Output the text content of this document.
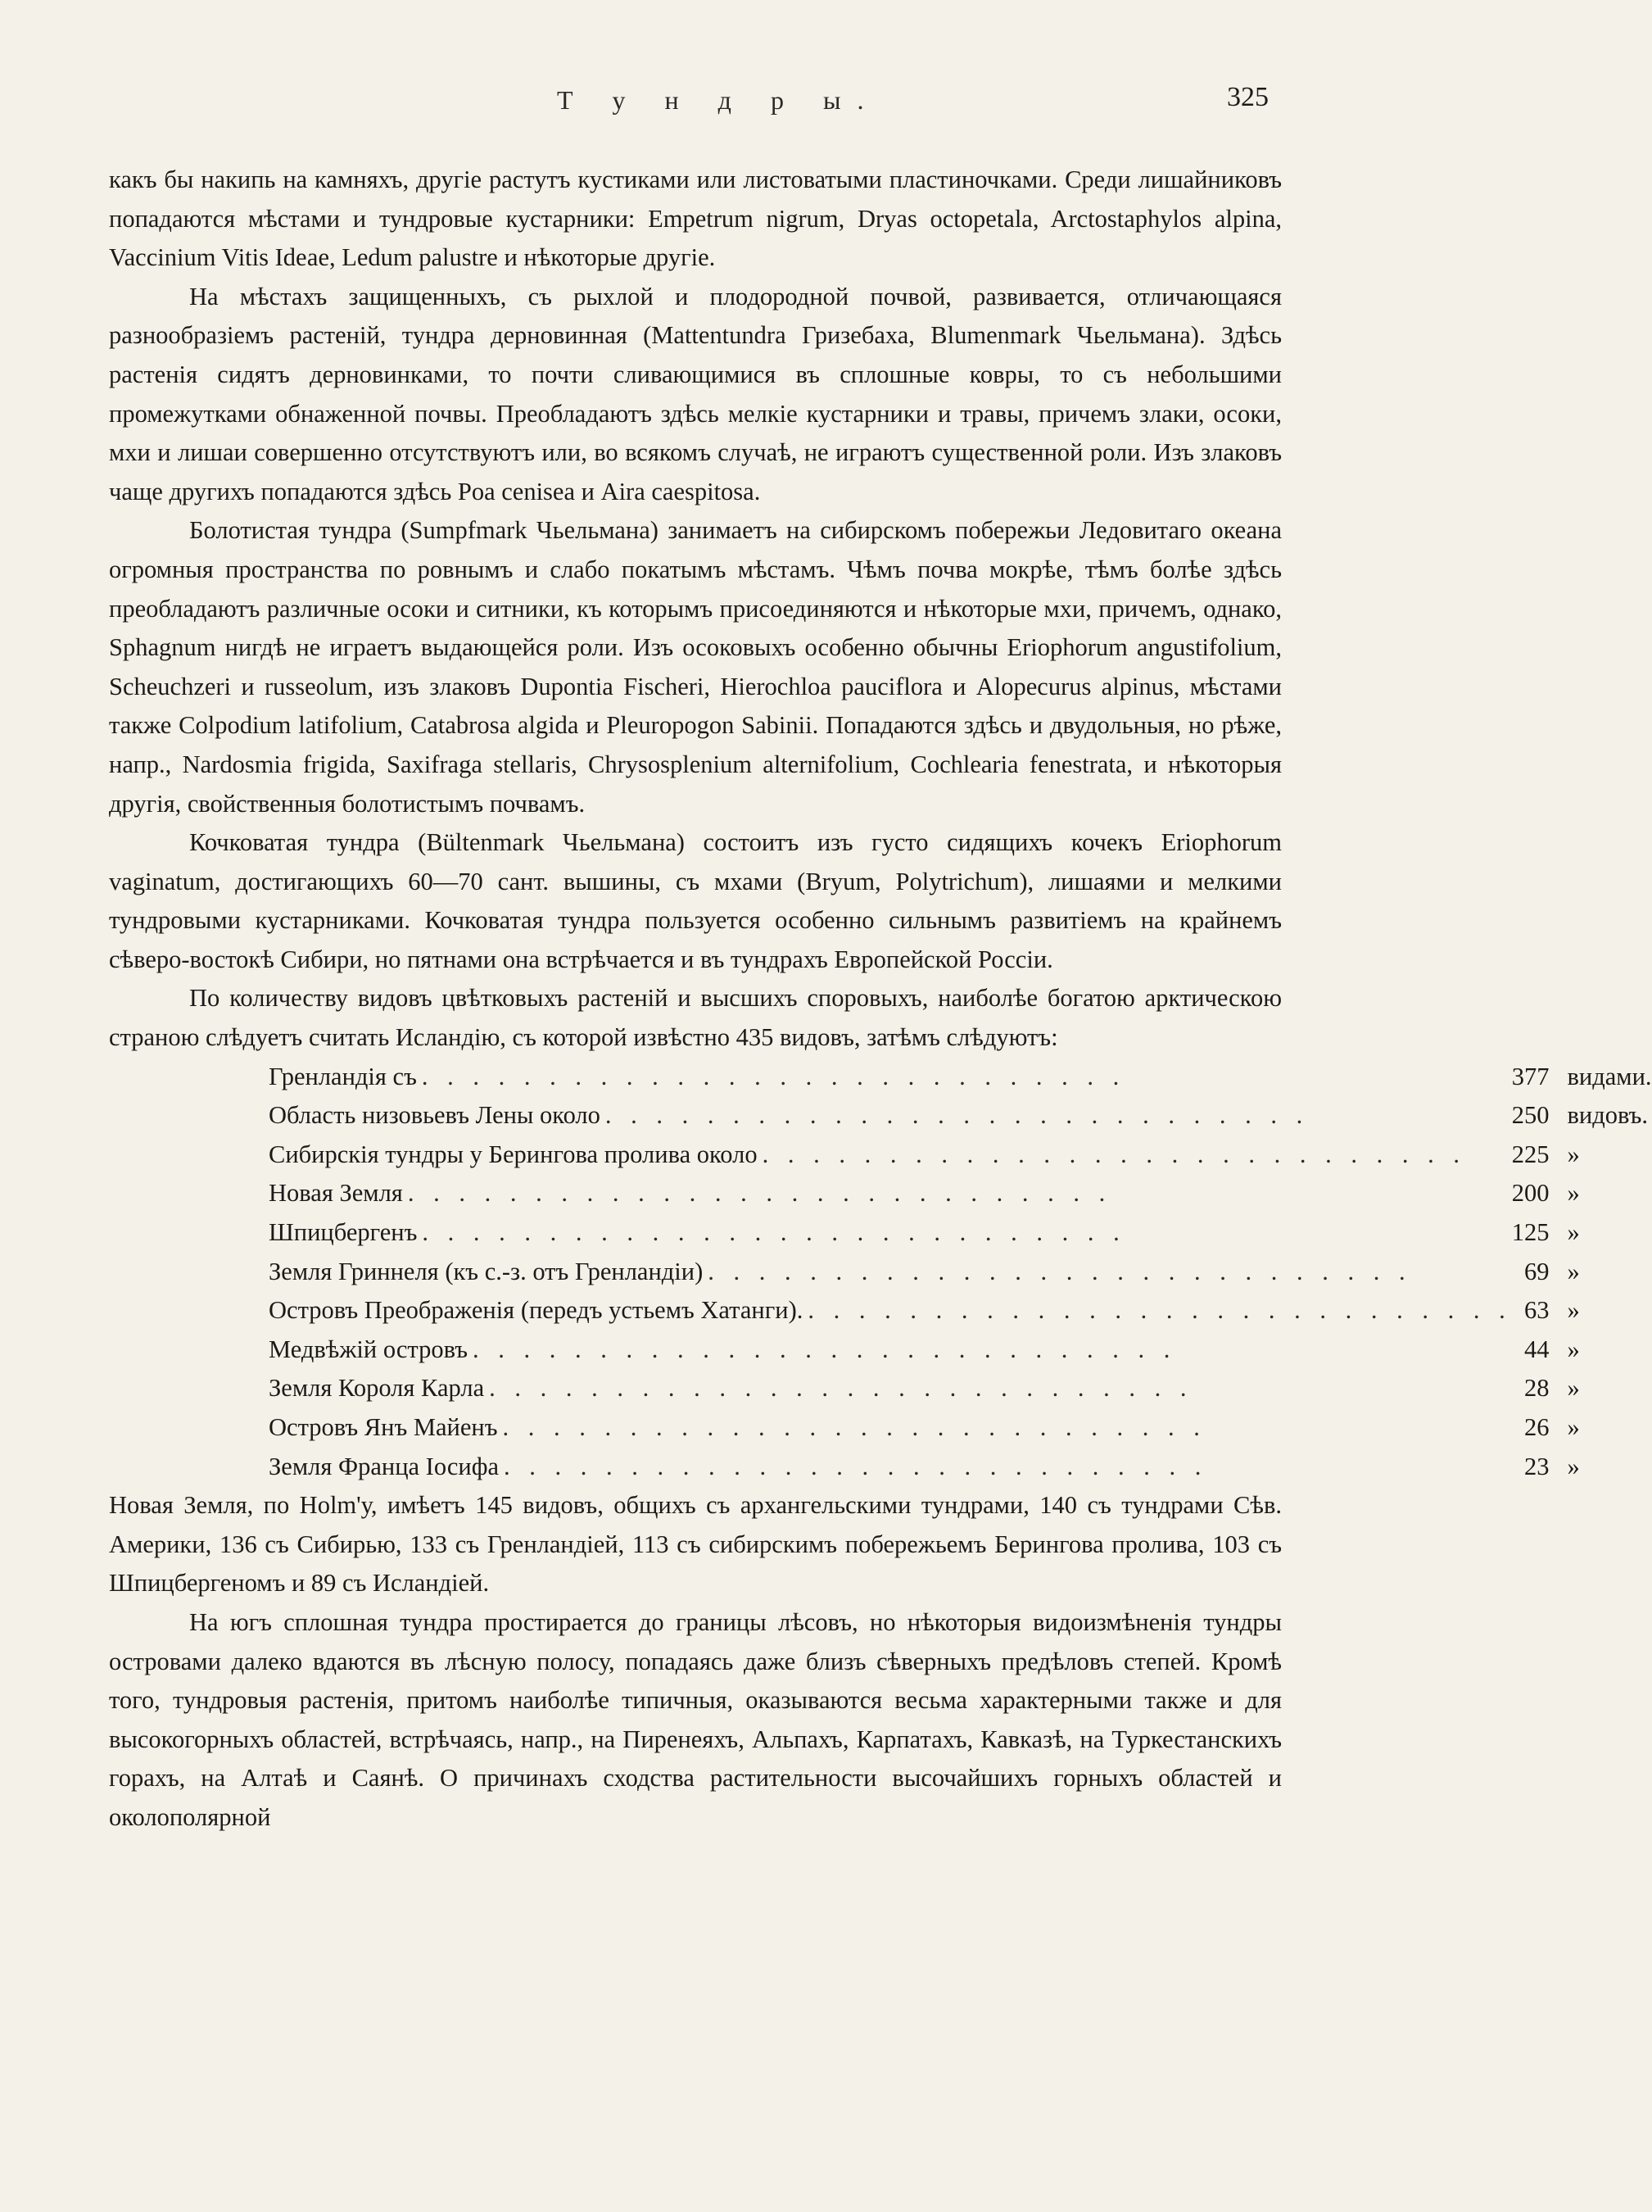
Т у н д р ы.	325

какъ бы накипь на камняхъ, другіе растутъ кустиками или листоватыми пластиночками. Среди лишайниковъ попадаются мѣстами и тундровые кустарники: Empetrum nigrum, Dryas octopetala, Arctostaphylos alpina, Vaccinium Vitis Idеае, Ledum palustre и нѣкоторые другіе.

На мѣстахъ защищенныхъ, съ рыхлой и плодородной почвой, развивается, отличающаяся разнообразіемъ растеній, тундра дерновинная (Mattentundra Гризебаха, Blumenmark Чьельмана). Здѣсь растенія сидятъ дерновинками, то почти сливающимися въ сплошные ковры, то съ небольшими промежутками обнаженной почвы. Преобладаютъ здѣсь мелкіе кустарники и травы, причемъ злаки, осоки, мхи и лишаи совершенно отсутствуютъ или, во всякомъ случаѣ, не играютъ существенной роли. Изъ злаковъ чаще другихъ попадаются здѣсь Poa cenisea и Aira caespitosa.

Болотистая тундра (Sumpfmark Чьельмана) занимаетъ на сибирскомъ побережьи Ледовитаго океана огромныя пространства по ровнымъ и слабо покатымъ мѣстамъ. Чѣмъ почва мокрѣе, тѣмъ болѣе здѣсь преобладаютъ различные осоки и ситники, къ которымъ присоединяются и нѣкоторые мхи, причемъ, однако, Sphagnum нигдѣ не играетъ выдающейся роли. Изъ осоковыхъ особенно обычны Eriophorum angustifolium, Scheuchzeri и russeolum, изъ злаковъ Dupontia Fischeri, Hierochloa pauciflora и Alopecurus alpinus, мѣстами также Colpodium latifolium, Catabrosa algida и Pleuropogon Sabinii. Попадаются здѣсь и двудольныя, но рѣже, напр., Nardosmia frigida, Saxifraga stellaris, Chrysosplenium alternifolium, Cochlearia fenestrata, и нѣкоторыя другія, свойственныя болотистымъ почвамъ.

Кочковатая тундра (Bültenmark Чьельмана) состоитъ изъ густо сидящихъ кочекъ Eriophorum vaginatum, достигающихъ 60—70 сант. вышины, съ мхами (Bryum, Polytrichum), лишаями и мелкими тундровыми кустарниками. Кочковатая тундра пользуется особенно сильнымъ развитіемъ на крайнемъ сѣверо-востокѣ Сибири, но пятнами она встрѣчается и въ тундрахъ Европейской Россіи.

По количеству видовъ цвѣтковыхъ растеній и высшихъ споровыхъ, наиболѣе богатою арктическою страною слѣдуетъ считать Исландію, съ которой извѣстно 435 видовъ, затѣмъ слѣдуютъ:

Гренландія съ . . . . . . . . . . . . . . . . . . . . . . . . . . . .	377	видами.
Область низовьевъ Лены около . . . . . . . . . . . . . . . . . . . . . . . . . . . .	250	видовъ.
Сибирскія тундры у Берингова пролива около . . . . . . . . . . . . . . . . . . . . . . . . . . . .	225	»
Новая Земля . . . . . . . . . . . . . . . . . . . . . . . . . . . .	200	»
Шпицбергенъ . . . . . . . . . . . . . . . . . . . . . . . . . . . .	125	»
Земля Гриннеля (къ с.-з. отъ Гренландіи) . . . . . . . . . . . . . . . . . . . . . . . . . . . .	69	»
Островъ Преображенія (передъ устьемъ Хатанги). . . . . . . . . . . . . . . . . . . . . . . . . . . . .	63	»
Медвѣжій островъ . . . . . . . . . . . . . . . . . . . . . . . . . . . .	44	»
Земля Короля Карла . . . . . . . . . . . . . . . . . . . . . . . . . . . .	28	»
Островъ Янъ Майенъ . . . . . . . . . . . . . . . . . . . . . . . . . . . .	26	»
Земля Франца Іосифа . . . . . . . . . . . . . . . . . . . . . . . . . . . .	23	»

Новая Земля, по Holm'у, имѣетъ 145 видовъ, общихъ съ архангельскими тундрами, 140 съ тундрами Сѣв. Америки, 136 съ Сибирью, 133 съ Гренландіей, 113 съ сибирскимъ побережьемъ Берингова пролива, 103 съ Шпицбергеномъ и 89 съ Исландіей.

На югъ сплошная тундра простирается до границы лѣсовъ, но нѣкоторыя видоизмѣненія тундры островами далеко вдаются въ лѣсную полосу, попадаясь даже близъ сѣверныхъ предѣловъ степей. Кромѣ того, тундровыя растенія, притомъ наиболѣе типичныя, оказываются весьма характерными также и для высокогорныхъ областей, встрѣчаясь, напр., на Пиренеяхъ, Альпахъ, Карпатахъ, Кавказѣ, на Туркестанскихъ горахъ, на Алтаѣ и Саянѣ. О причинахъ сходства растительности высочайшихъ горныхъ областей и околополярной
